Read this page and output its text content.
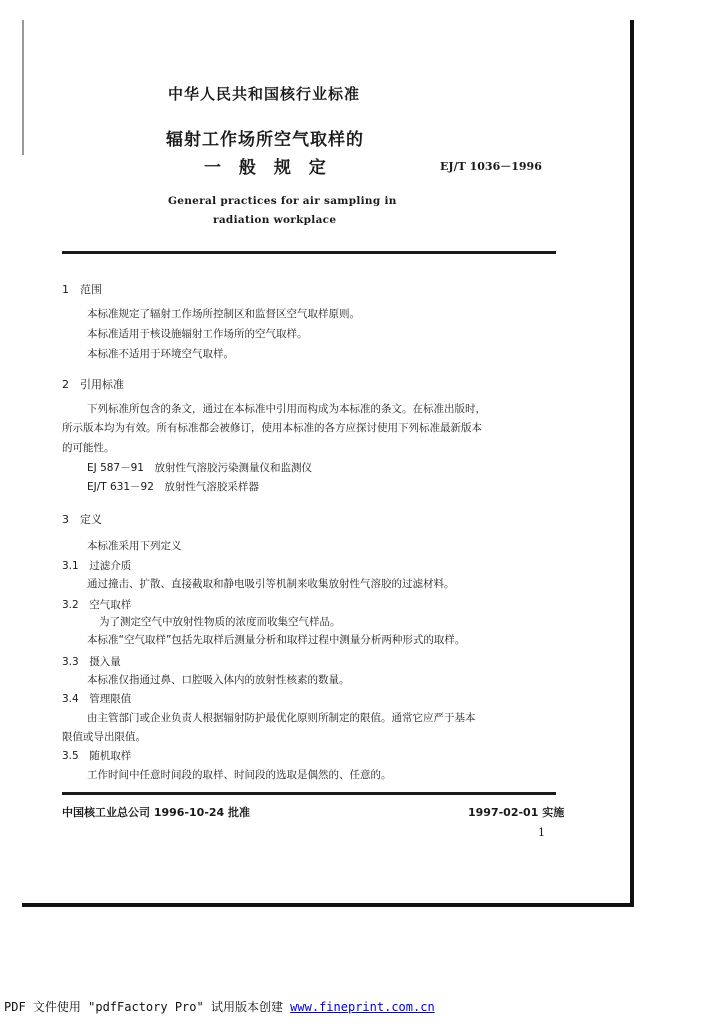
中华人民共和国核行业标准
辐射工作场所空气取样的
一 般 规 定	EJ/T 1036－1996
General practices for air sampling in
radiation workplace
1　范围
本标准规定了辐射工作场所控制区和监督区空气取样原则。
本标准适用于核设施辐射工作场所的空气取样。
本标准不适用于环境空气取样。
2　引用标准
下列标准所包含的条文，通过在本标准中引用而构成为本标准的条文。在标准出版时，
所示版本均为有效。所有标准都会被修订，使用本标准的各方应探讨使用下列标准最新版本
的可能性。
EJ 587－91　放射性气溶胶污染测量仪和监测仪
EJ/T 631－92　放射性气溶胶采样器
3　定义
本标准采用下列定义
3.1　过滤介质
通过撞击、扩散、直接截取和静电吸引等机制来收集放射性气溶胶的过滤材料。
3.2　空气取样
为了测定空气中放射性物质的浓度而收集空气样品。
本标准“空气取样”包括先取样后测量分析和取样过程中测量分析两种形式的取样。
3.3　摄入量
本标准仅指通过鼻、口腔吸入体内的放射性核素的数量。
3.4　管理限值
由主管部门或企业负责人根据辐射防护最优化原则所制定的限值。通常它应严于基本
限值或导出限值。
3.5　随机取样
工作时间中任意时间段的取样、时间段的选取是偶然的、任意的。
中国核工业总公司 1996-10-24 批准	1997-02-01 实施
1
PDF 文件使用 "pdfFactory Pro" 试用版本创建 www.fineprint.com.cn
